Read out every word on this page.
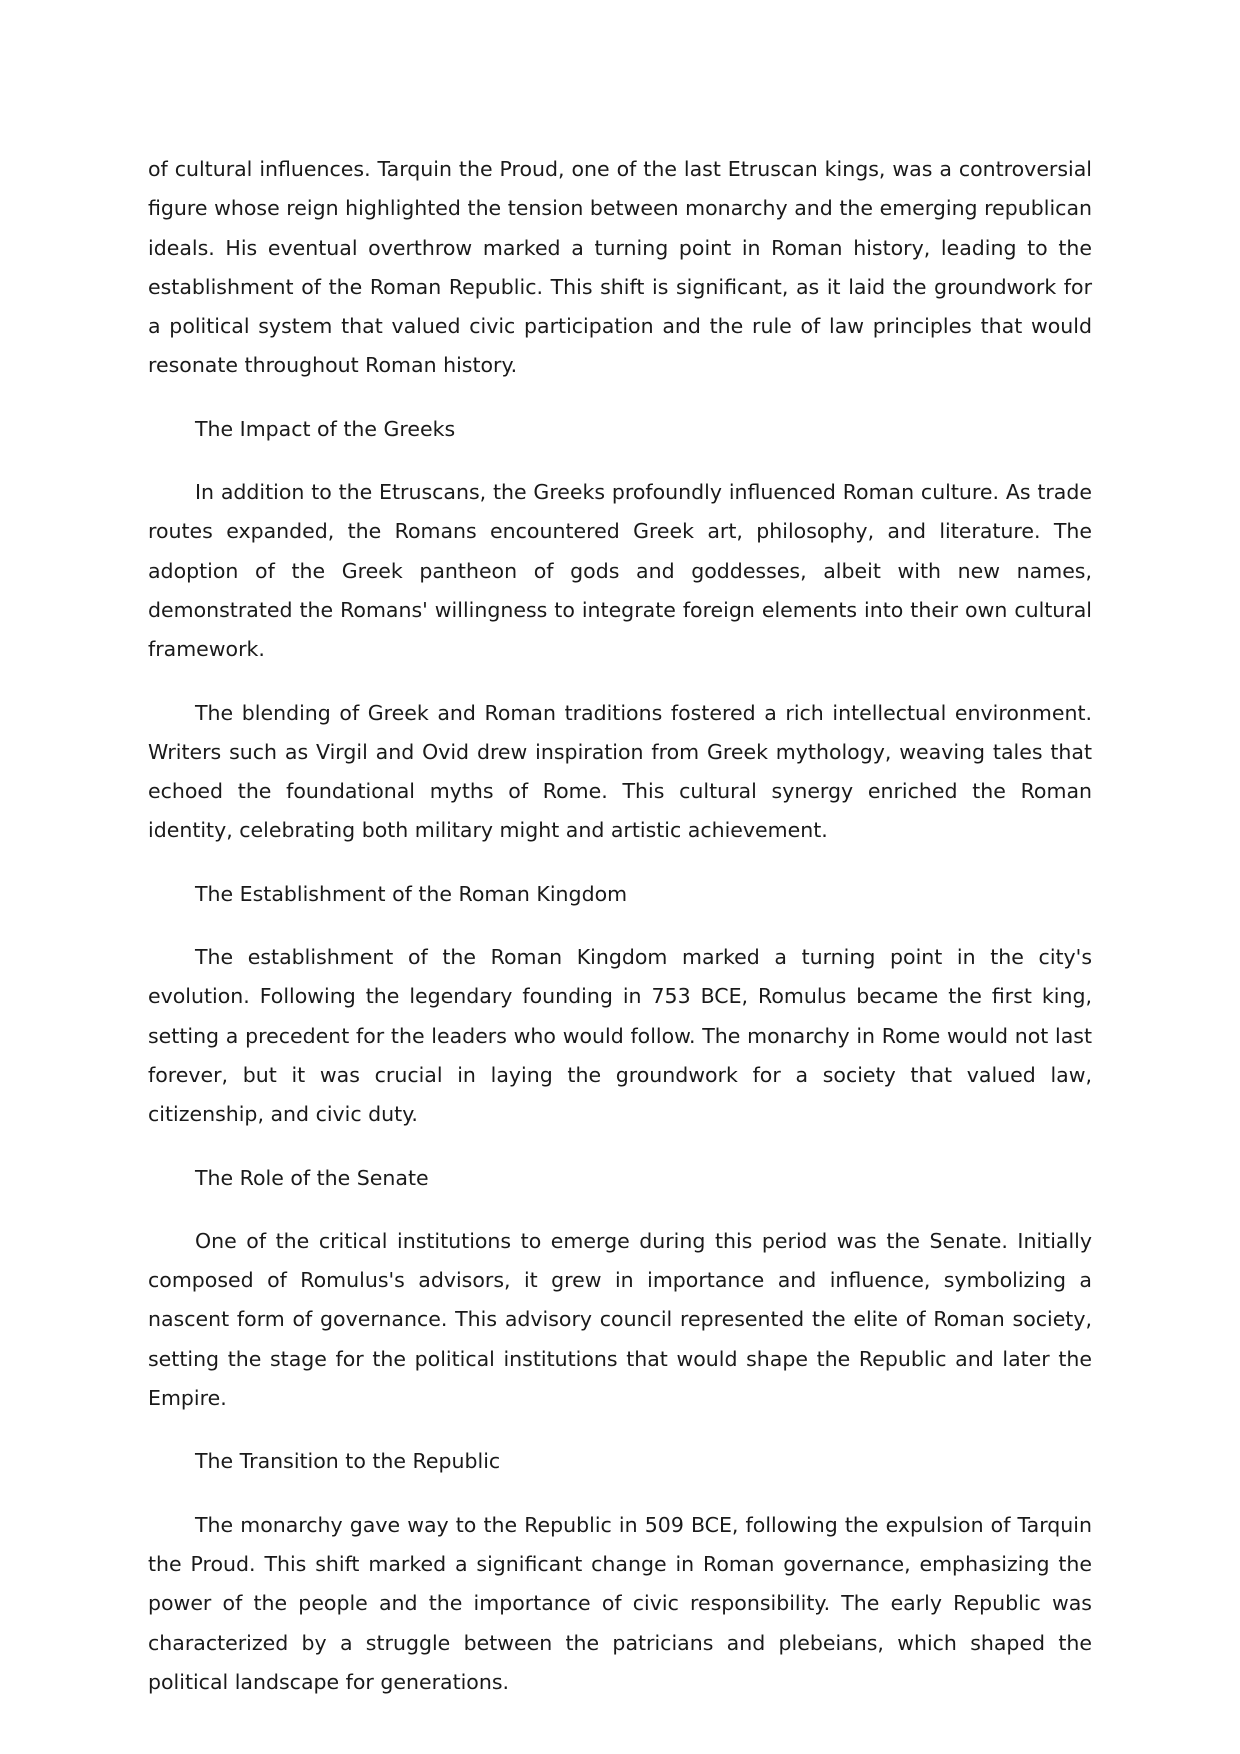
of cultural influences. Tarquin the Proud, one of the last Etruscan kings, was a controversial figure whose reign highlighted the tension between monarchy and the emerging republican ideals. His eventual overthrow marked a turning point in Roman history, leading to the establishment of the Roman Republic. This shift is significant, as it laid the groundwork for a political system that valued civic participation and the rule of law principles that would resonate throughout Roman history.

The Impact of the Greeks

In addition to the Etruscans, the Greeks profoundly influenced Roman culture. As trade routes expanded, the Romans encountered Greek art, philosophy, and literature. The adoption of the Greek pantheon of gods and goddesses, albeit with new names, demonstrated the Romans' willingness to integrate foreign elements into their own cultural framework.

The blending of Greek and Roman traditions fostered a rich intellectual environment. Writers such as Virgil and Ovid drew inspiration from Greek mythology, weaving tales that echoed the foundational myths of Rome. This cultural synergy enriched the Roman identity, celebrating both military might and artistic achievement.

The Establishment of the Roman Kingdom

The establishment of the Roman Kingdom marked a turning point in the city's evolution. Following the legendary founding in 753 BCE, Romulus became the first king, setting a precedent for the leaders who would follow. The monarchy in Rome would not last forever, but it was crucial in laying the groundwork for a society that valued law, citizenship, and civic duty.

The Role of the Senate

One of the critical institutions to emerge during this period was the Senate. Initially composed of Romulus's advisors, it grew in importance and influence, symbolizing a nascent form of governance. This advisory council represented the elite of Roman society, setting the stage for the political institutions that would shape the Republic and later the Empire.

The Transition to the Republic

The monarchy gave way to the Republic in 509 BCE, following the expulsion of Tarquin the Proud. This shift marked a significant change in Roman governance, emphasizing the power of the people and the importance of civic responsibility. The early Republic was characterized by a struggle between the patricians and plebeians, which shaped the political landscape for generations.
